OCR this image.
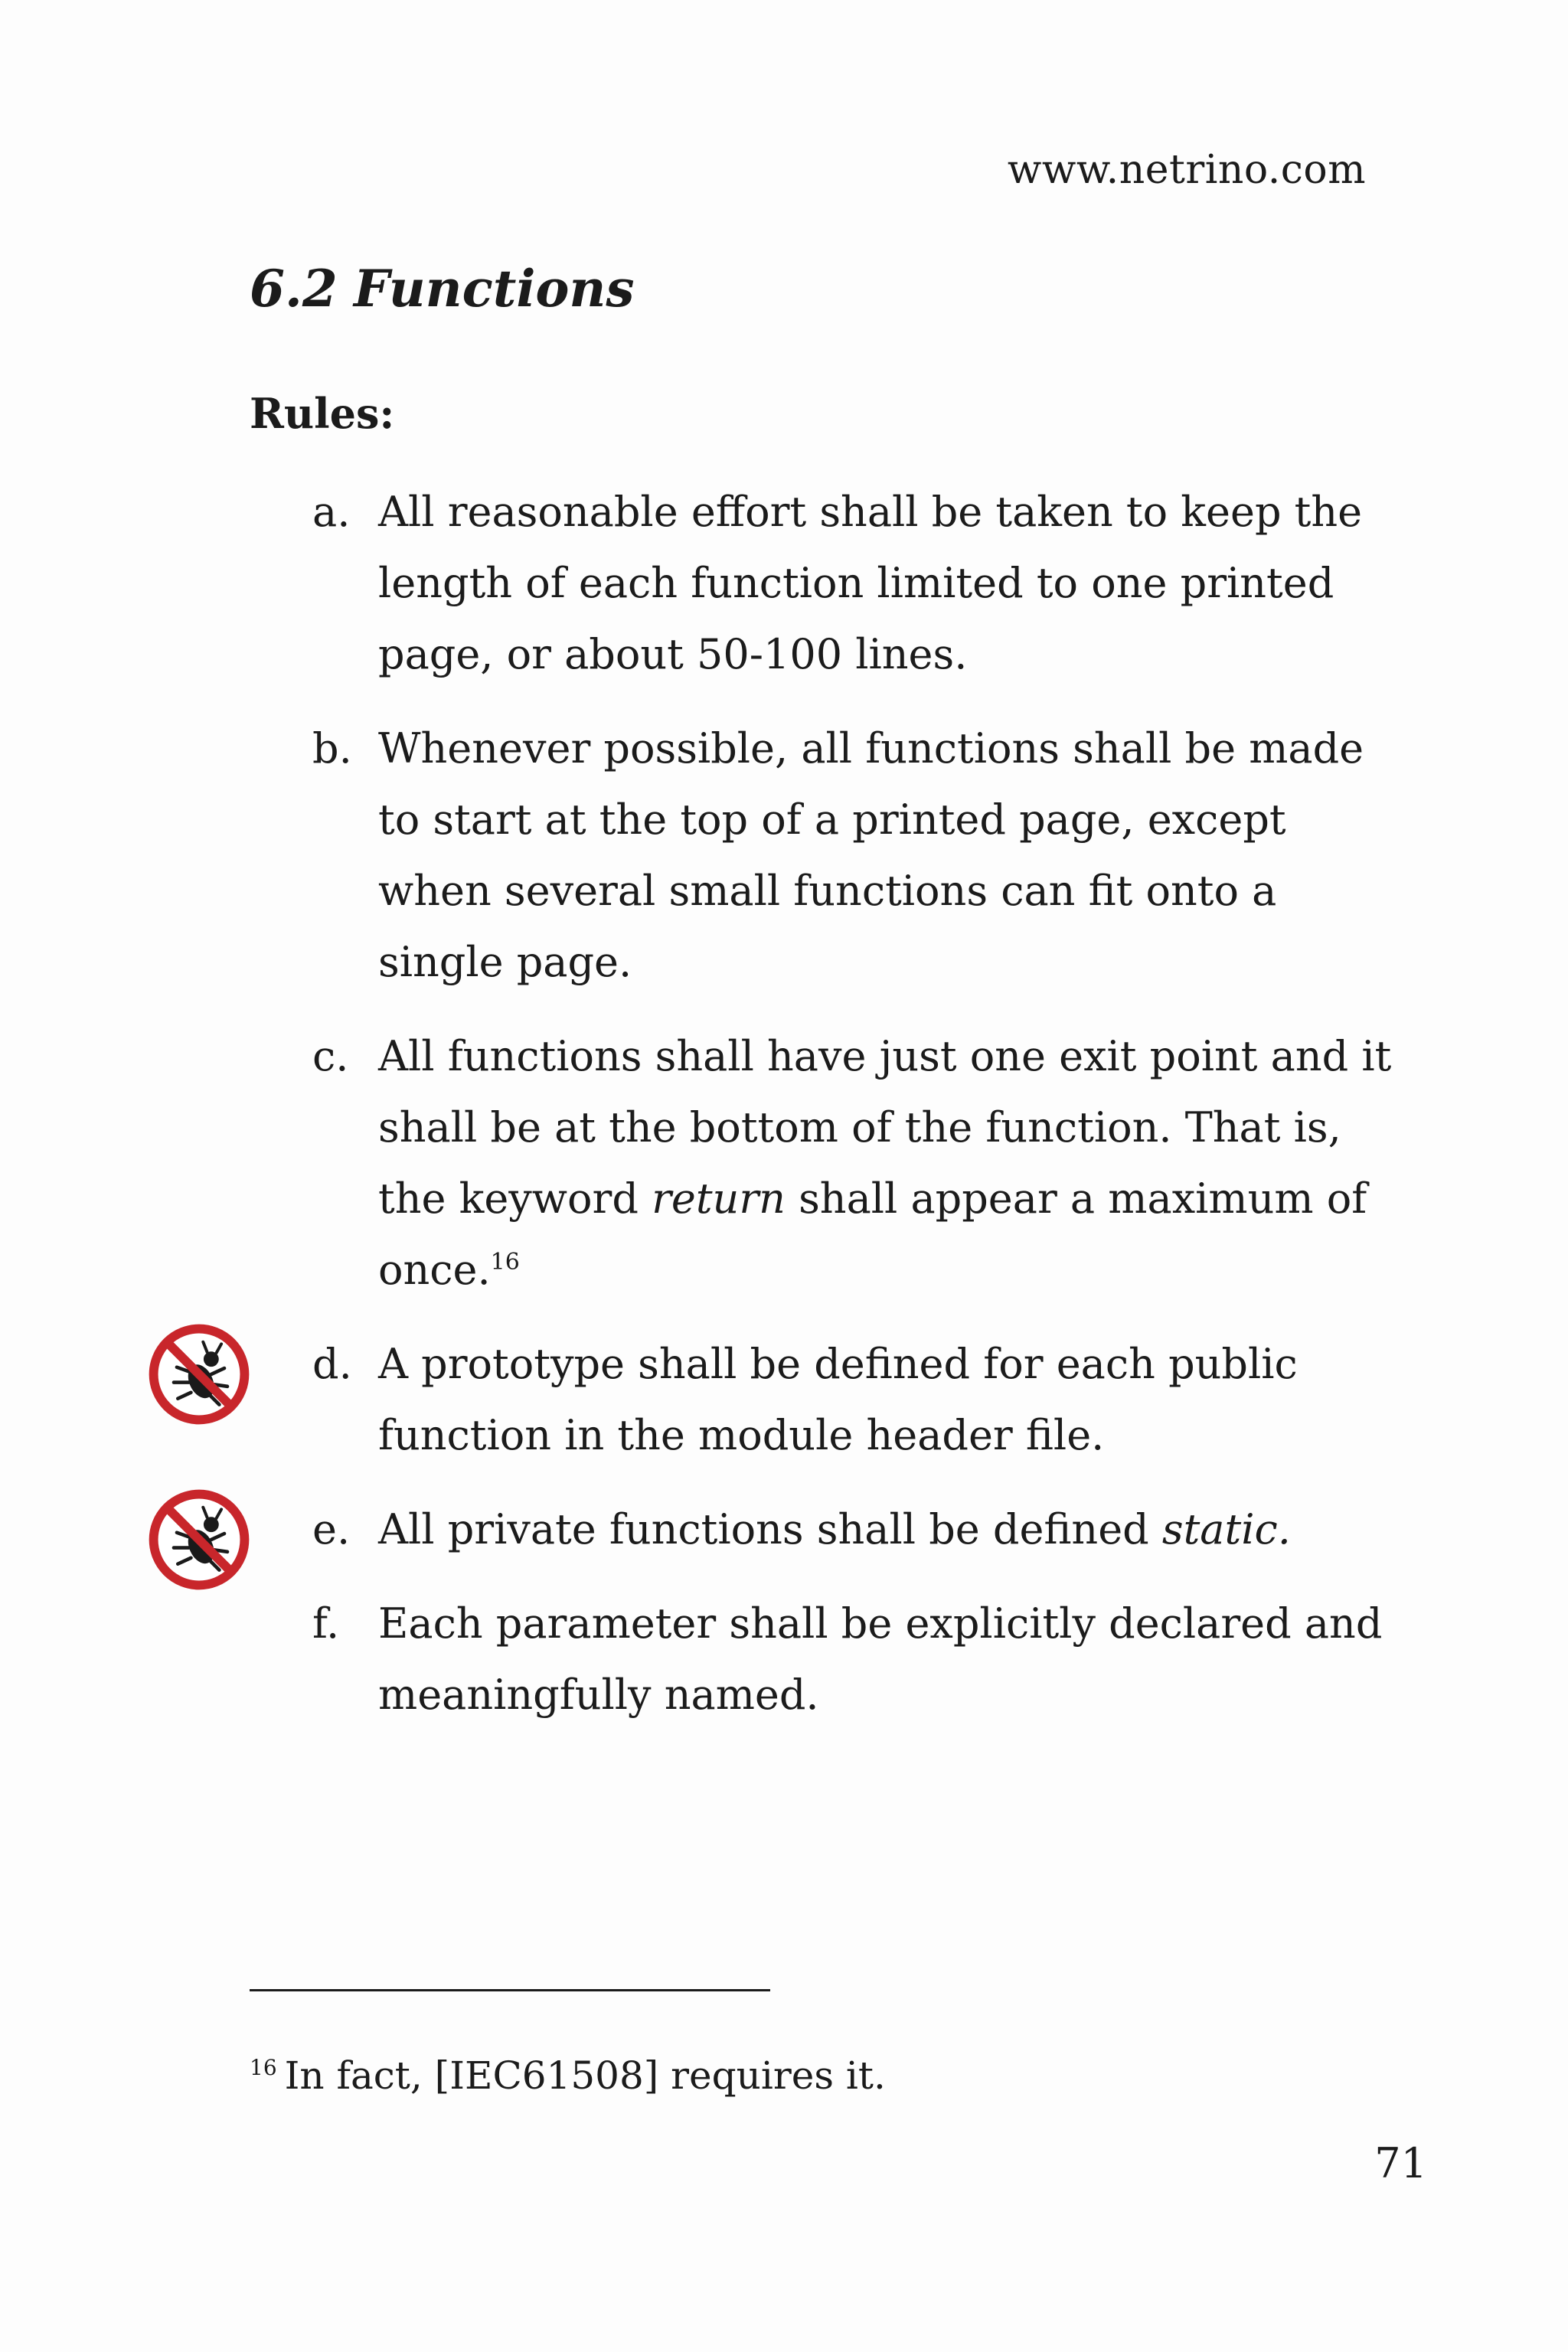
www.netrino.com
6.2 Functions
Rules:
a. All reasonable effort shall be taken to keep the length of each function limited to one printed page, or about 50-100 lines.
b. Whenever possible, all functions shall be made to start at the top of a printed page, except when several small functions can fit onto a single page.
c. All functions shall have just one exit point and it shall be at the bottom of the function. That is, the keyword return shall appear a maximum of once.$^{16}$
d. A prototype shall be defined for each public function in the module header file.
e. All private functions shall be defined static.
f. Each parameter shall be explicitly declared and meaningfully named.
$^{16}$ In fact, [IEC61508] requires it.
71
